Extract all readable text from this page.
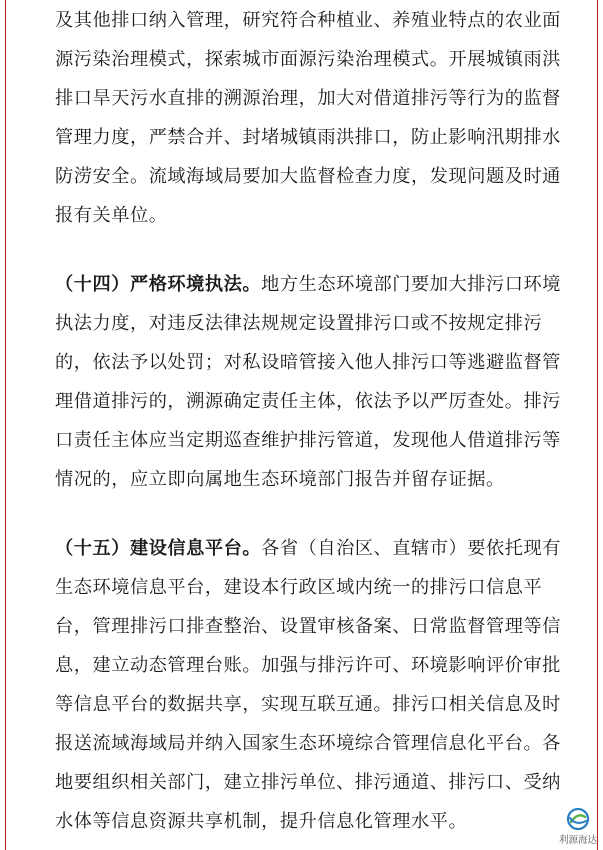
及其他排口纳入管理，研究符合种植业、养殖业特点的农业面
源污染治理模式，探索城市面源污染治理模式。开展城镇雨洪
排口旱天污水直排的溯源治理，加大对借道排污等行为的监督
管理力度，严禁合并、封堵城镇雨洪排口，防止影响汛期排水
防涝安全。流域海域局要加大监督检查力度，发现问题及时通
报有关单位。
（十四）严格环境执法。地方生态环境部门要加大排污口环境
执法力度，对违反法律法规规定设置排污口或不按规定排污
的，依法予以处罚；对私设暗管接入他人排污口等逃避监督管
理借道排污的，溯源确定责任主体，依法予以严厉查处。排污
口责任主体应当定期巡查维护排污管道，发现他人借道排污等
情况的，应立即向属地生态环境部门报告并留存证据。
（十五）建设信息平台。各省（自治区、直辖市）要依托现有
生态环境信息平台，建设本行政区域内统一的排污口信息平
台，管理排污口排查整治、设置审核备案、日常监督管理等信
息，建立动态管理台账。加强与排污许可、环境影响评价审批
等信息平台的数据共享，实现互联互通。排污口相关信息及时
报送流域海域局并纳入国家生态环境综合管理信息化平台。各
地要组织相关部门，建立排污单位、排污通道、排污口、受纳
水体等信息资源共享机制，提升信息化管理水平。
利源海达
